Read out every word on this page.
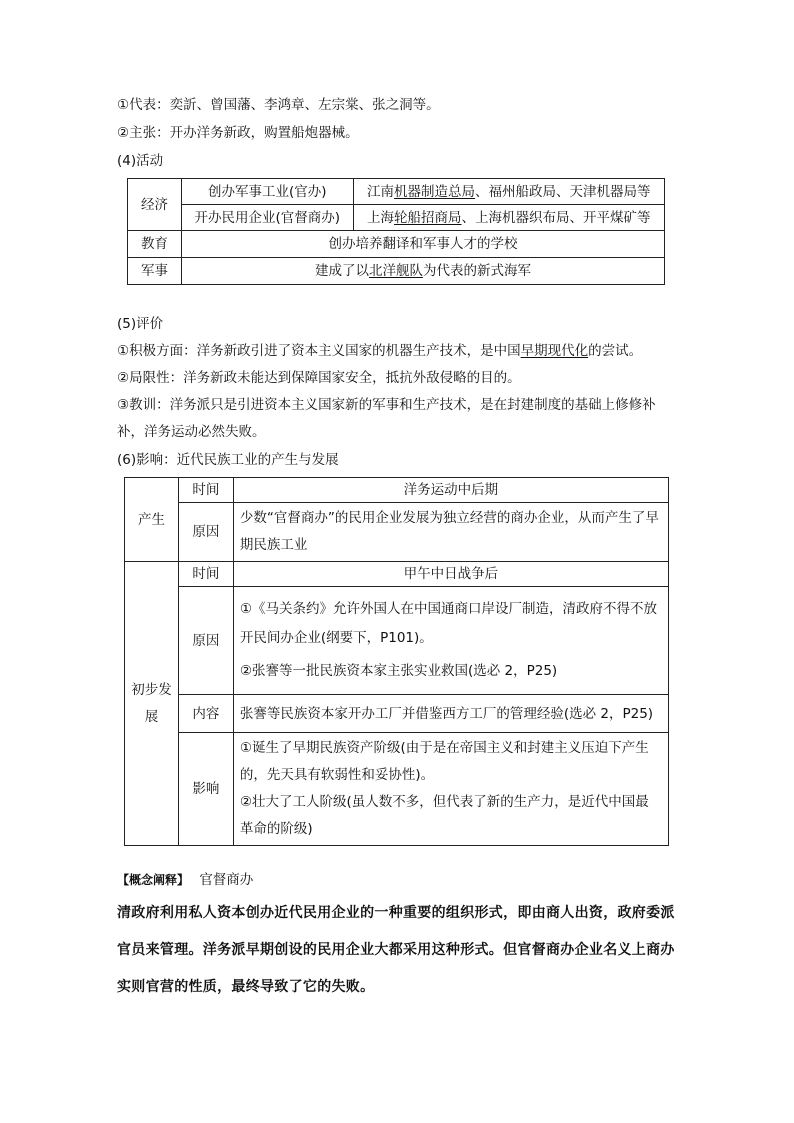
①代表：奕訢、曾国藩、李鸿章、左宗棠、张之洞等。
②主张：开办洋务新政，购置船炮器械。
(4)活动
经济	创办军事工业(官办)	江南机器制造总局、福州船政局、天津机器局等
	开办民用企业(官督商办)	上海轮船招商局、上海机器织布局、开平煤矿等
教育	创办培养翻译和军事人才的学校	
军事	建成了以北洋舰队为代表的新式海军	
(5)评价
①积极方面：洋务新政引进了资本主义国家的机器生产技术，是中国早期现代化的尝试。
②局限性：洋务新政未能达到保障国家安全，抵抗外敌侵略的目的。
③教训：洋务派只是引进资本主义国家新的军事和生产技术，是在封建制度的基础上修修补
补，洋务运动必然失败。
(6)影响：近代民族工业的产生与发展
产生	时间	洋务运动中后期
	原因	少数“官督商办”的民用企业发展为独立经营的商办企业，从而产生了早期民族工业
初步发展	时间	甲午中日战争后
	原因	①《马关条约》允许外国人在中国通商口岸设厂制造，清政府不得不放开民间办企业(纲要下，P101)。
②张謇等一批民族资本家主张实业救国(选必 2，P25)

	内容	张謇等民族资本家开办工厂并借鉴西方工厂的管理经验(选必 2，P25)
	影响	①诞生了早期民族资产阶级(由于是在帝国主义和封建主义压迫下产生的，先天具有软弱性和妥协性)。
②壮大了工人阶级(虽人数不多，但代表了新的生产力，是近代中国最革命的阶级)
【概念阐释】 官督商办
清政府利用私人资本创办近代民用企业的一种重要的组织形式，即由商人出资，政府委派官员来管理。洋务派早期创设的民用企业大都采用这种形式。但官督商办企业名义上商办实则官营的性质，最终导致了它的失败。
